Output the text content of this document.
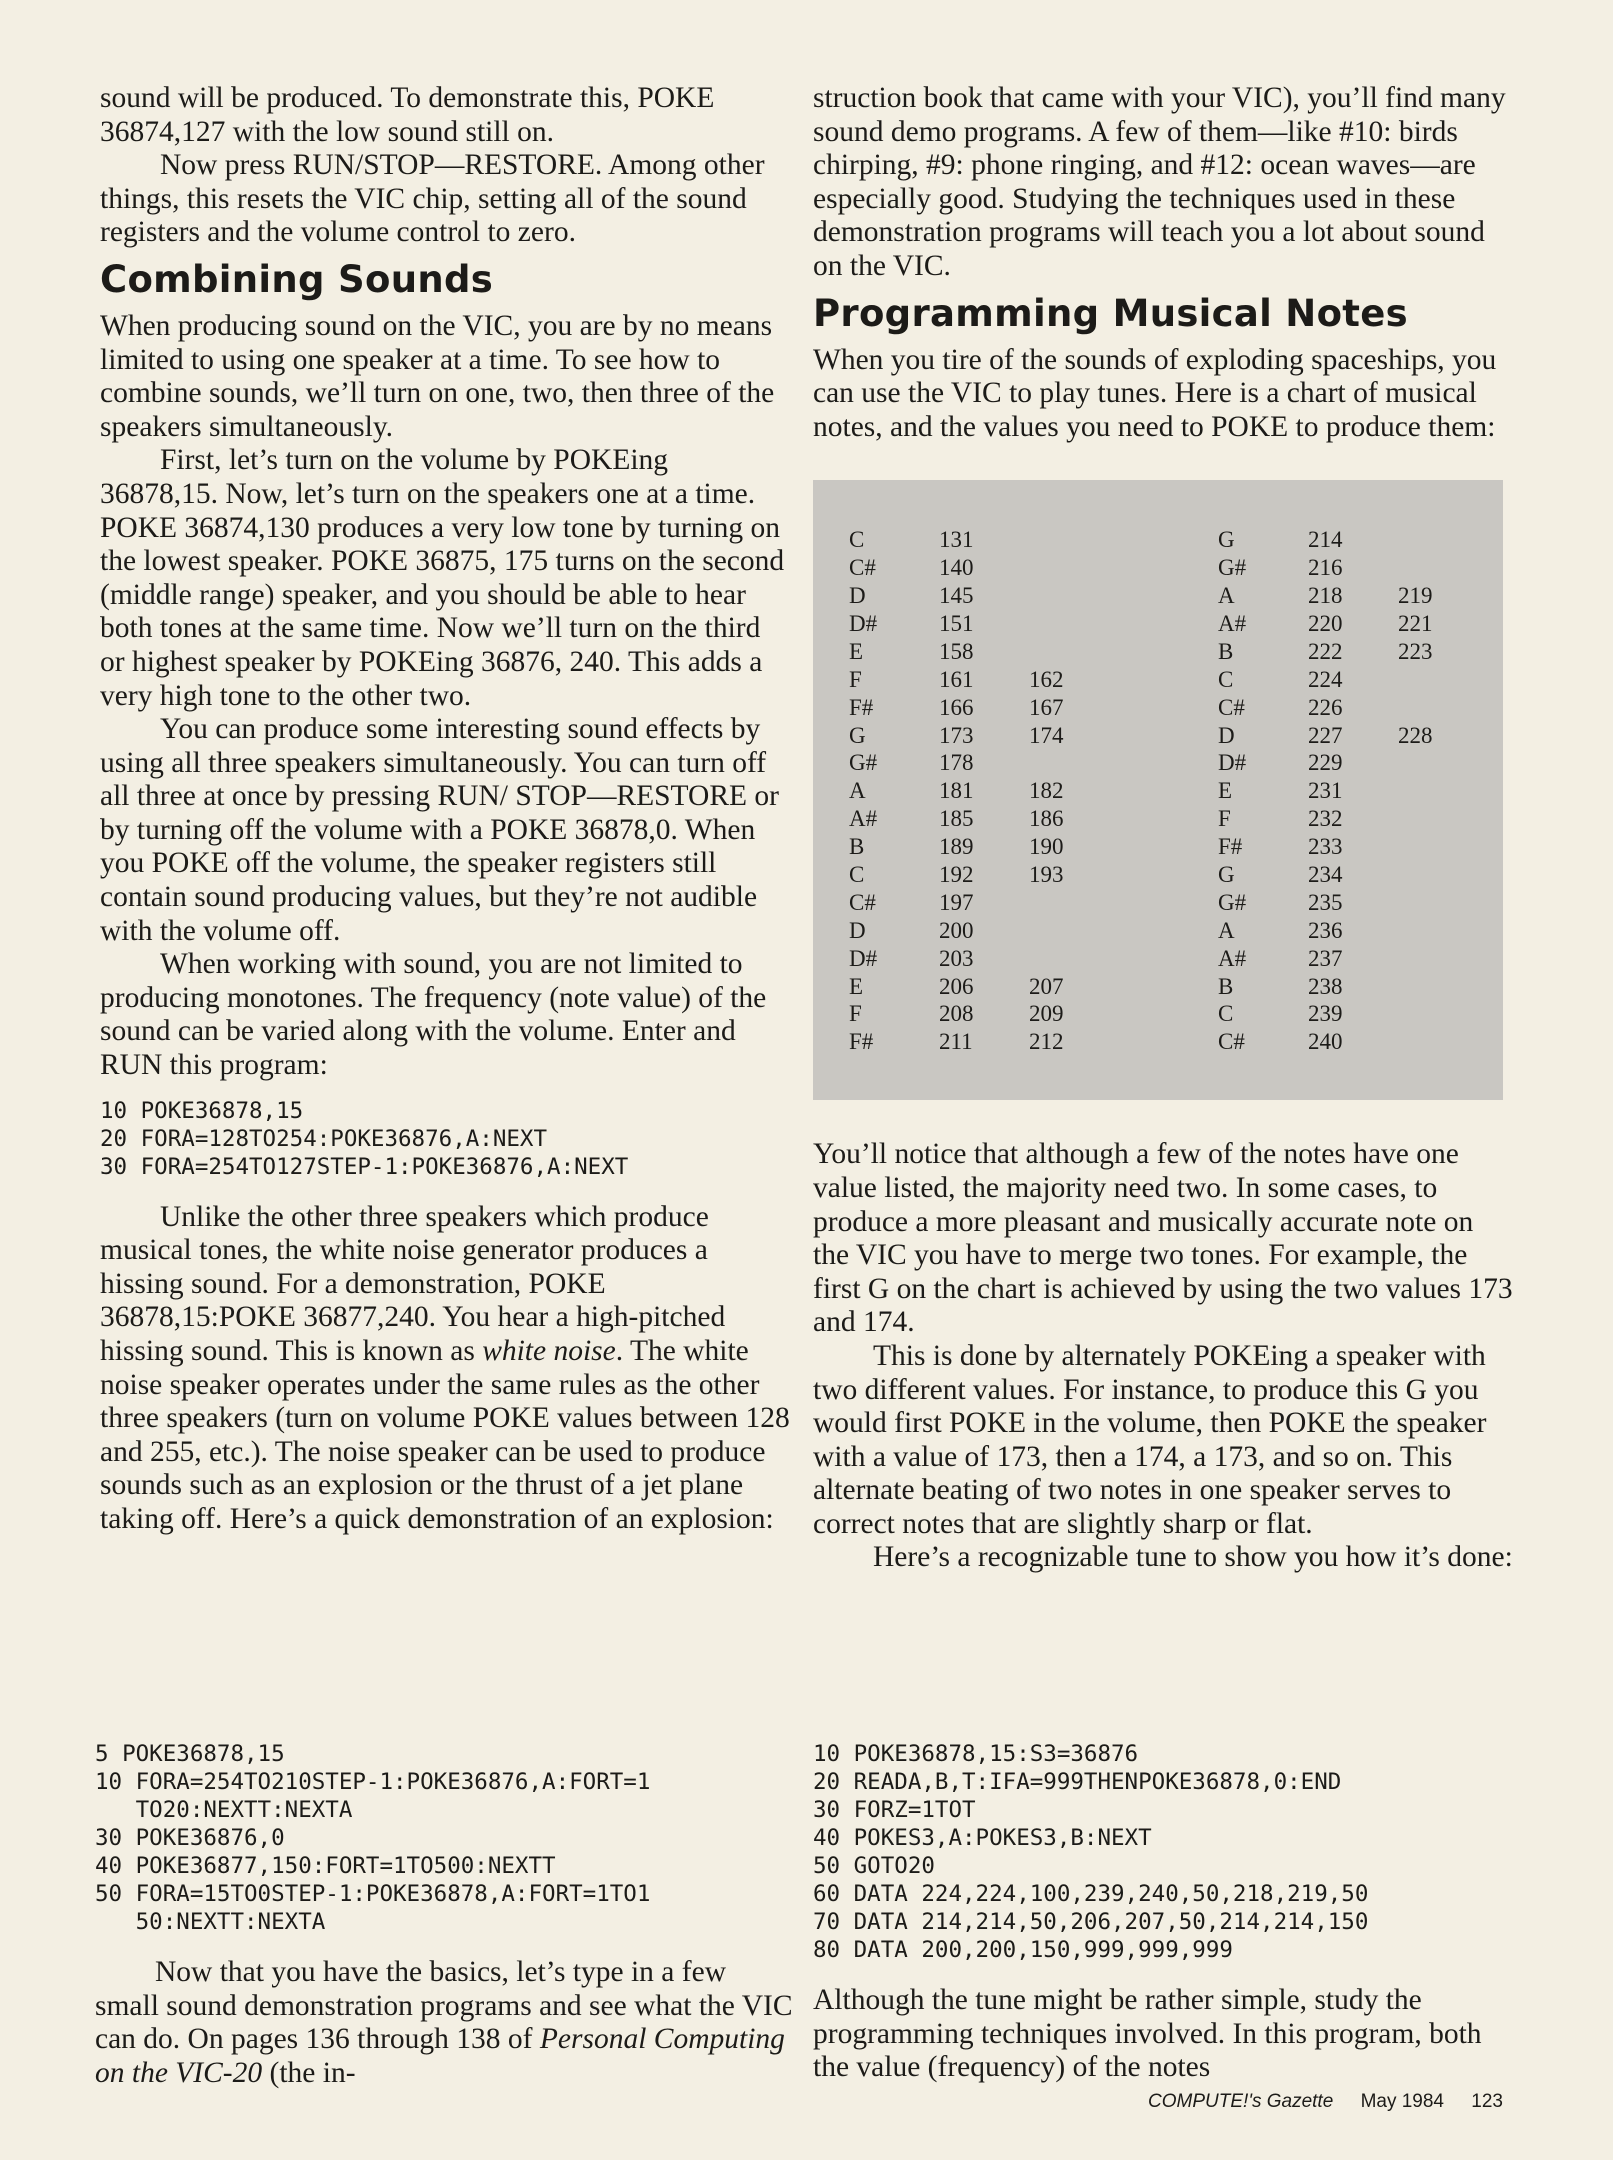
sound will be produced. To demonstrate this, POKE 36874,127 with the low sound still on.

Now press RUN/STOP—RESTORE. Among other things, this resets the VIC chip, setting all of the sound registers and the volume control to zero.

Combining Sounds

When producing sound on the VIC, you are by no means limited to using one speaker at a time. To see how to combine sounds, we’ll turn on one, two, then three of the speakers simultaneously.

First, let’s turn on the volume by POKEing 36878,15. Now, let’s turn on the speakers one at a time. POKE 36874,130 produces a very low tone by turning on the lowest speaker. POKE 36875, 175 turns on the second (middle range) speaker, and you should be able to hear both tones at the same time. Now we’ll turn on the third or highest speaker by POKEing 36876, 240. This adds a very high tone to the other two.

You can produce some interesting sound effects by using all three speakers simultaneously. You can turn off all three at once by pressing RUN/ STOP—RESTORE or by turning off the volume with a POKE 36878,0. When you POKE off the volume, the speaker registers still contain sound producing values, but they’re not audible with the volume off.

When working with sound, you are not limited to producing monotones. The frequency (note value) of the sound can be varied along with the volume. Enter and RUN this program:

10 POKE36878,15
20 FORA=128TO254:POKE36876,A:NEXT
30 FORA=254TO127STEP-1:POKE36876,A:NEXT

Unlike the other three speakers which produce musical tones, the white noise generator produces a hissing sound. For a demonstration, POKE 36878,15:POKE 36877,240. You hear a high-pitched hissing sound. This is known as white noise. The white noise speaker operates under the same rules as the other three speakers (turn on volume POKE values between 128 and 255, etc.). The noise speaker can be used to produce sounds such as an explosion or the thrust of a jet plane taking off. Here’s a quick demonstration of an explosion:

5 POKE36878,15
10 FORA=254TO210STEP-1:POKE36876,A:FORT=1
TO20:NEXTT:NEXTA
30 POKE36876,0
40 POKE36877,150:FORT=1TO500:NEXTT
50 FORA=15TO0STEP-1:POKE36878,A:FORT=1TO1
50:NEXTT:NEXTA

Now that you have the basics, let’s type in a few small sound demonstration programs and see what the VIC can do. On pages 136 through 138 of Personal Computing on the VIC-20 (the in-

struction book that came with your VIC), you’ll find many sound demo programs. A few of them—like #10: birds chirping, #9: phone ringing, and #12: ocean waves—are especially good. Studying the techniques used in these demonstration programs will teach you a lot about sound on the VIC.

Programming Musical Notes

When you tire of the sounds of exploding spaceships, you can use the VIC to play tunes. Here is a chart of musical notes, and the values you need to POKE to produce them:

C	131
C#	140
D	145
D#	151
E	158
F	161	162
F#	166	167
G	173	174
G#	178
A	181	182
A#	185	186
B	189	190
C	192	193
C#	197
D	200
D#	203
E	206	207
F	208	209
F#	211	212
G	214
G#	216
A	218	219
A#	220	221
B	222	223
C	224
C#	226
D	227	228
D#	229
E	231
F	232
F#	233
G	234
G#	235
A	236
A#	237
B	238
C	239
C#	240

You’ll notice that although a few of the notes have one value listed, the majority need two. In some cases, to produce a more pleasant and musically accurate note on the VIC you have to merge two tones. For example, the first G on the chart is achieved by using the two values 173 and 174.

This is done by alternately POKEing a speaker with two different values. For instance, to produce this G you would first POKE in the volume, then POKE the speaker with a value of 173, then a 174, a 173, and so on. This alternate beating of two notes in one speaker serves to correct notes that are slightly sharp or flat.

Here’s a recognizable tune to show you how it’s done:

10 POKE36878,15:S3=36876
20 READA,B,T:IFA=999THENPOKE36878,0:END
30 FORZ=1TOT
40 POKES3,A:POKES3,B:NEXT
50 GOTO20
60 DATA 224,224,100,239,240,50,218,219,50
70 DATA 214,214,50,206,207,50,214,214,150
80 DATA 200,200,150,999,999,999

Although the tune might be rather simple, study the programming techniques involved. In this program, both the value (frequency) of the notes

COMPUTE!'s Gazette May 1984 123
